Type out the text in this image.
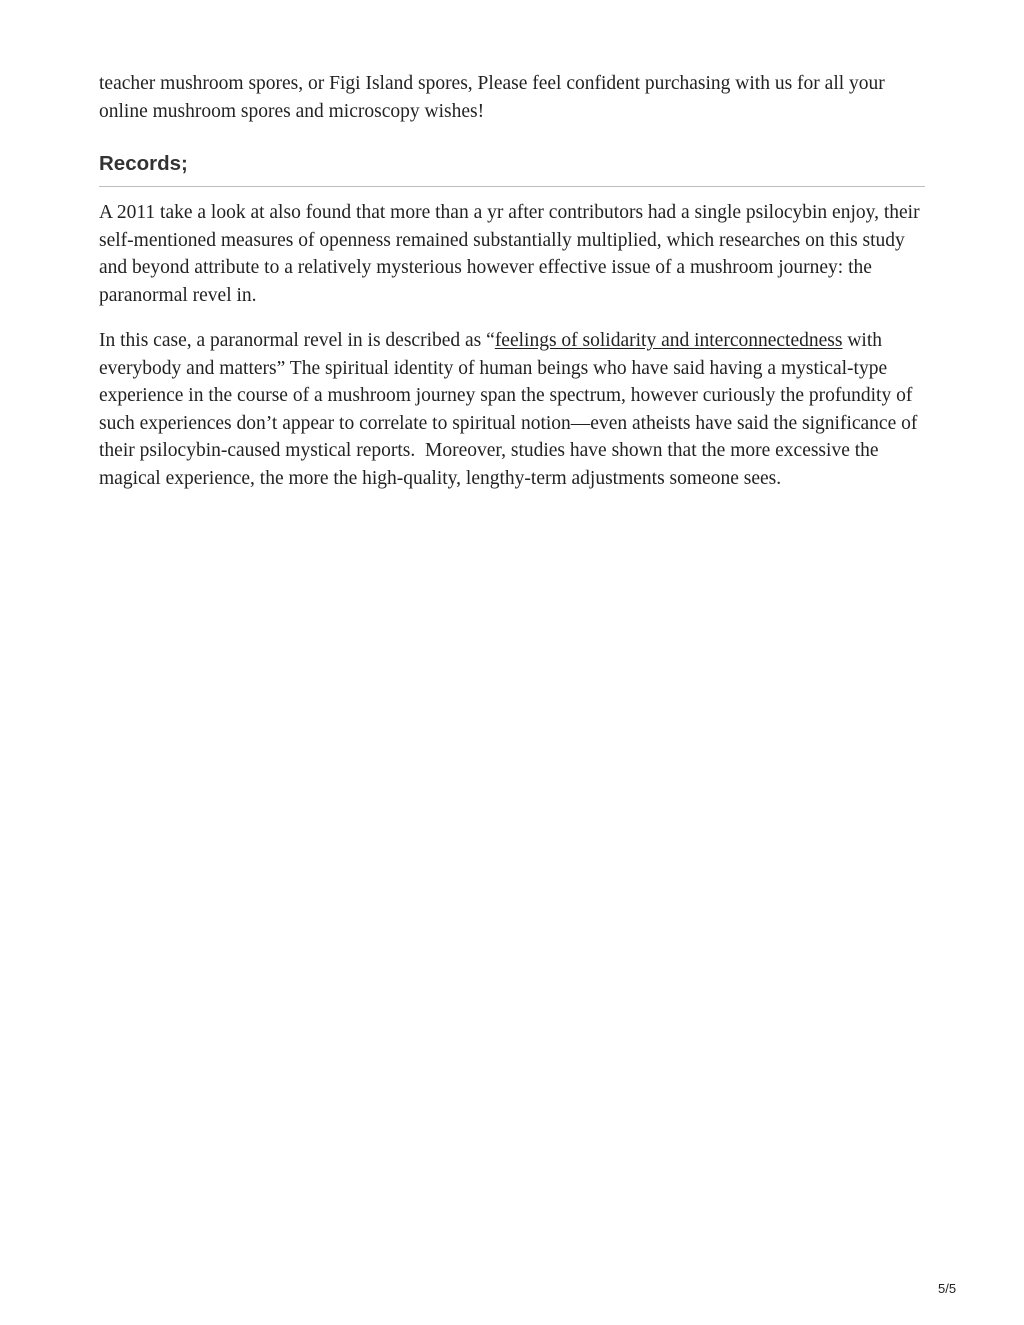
teacher mushroom spores, or Figi Island spores, Please feel confident purchasing with us for all your online mushroom spores and microscopy wishes!

Records;

A 2011 take a look at also found that more than a yr after contributors had a single psilocybin enjoy, their self-mentioned measures of openness remained substantially multiplied, which researches on this study and beyond attribute to a relatively mysterious however effective issue of a mushroom journey: the paranormal revel in.

In this case, a paranormal revel in is described as “feelings of solidarity and interconnectedness with everybody and matters” The spiritual identity of human beings who have said having a mystical-type experience in the course of a mushroom journey span the spectrum, however curiously the profundity of such experiences don’t appear to correlate to spiritual notion—even atheists have said the significance of their psilocybin-caused mystical reports.  Moreover, studies have shown that the more excessive the magical experience, the more the high-quality, lengthy-term adjustments someone sees.

5/5
